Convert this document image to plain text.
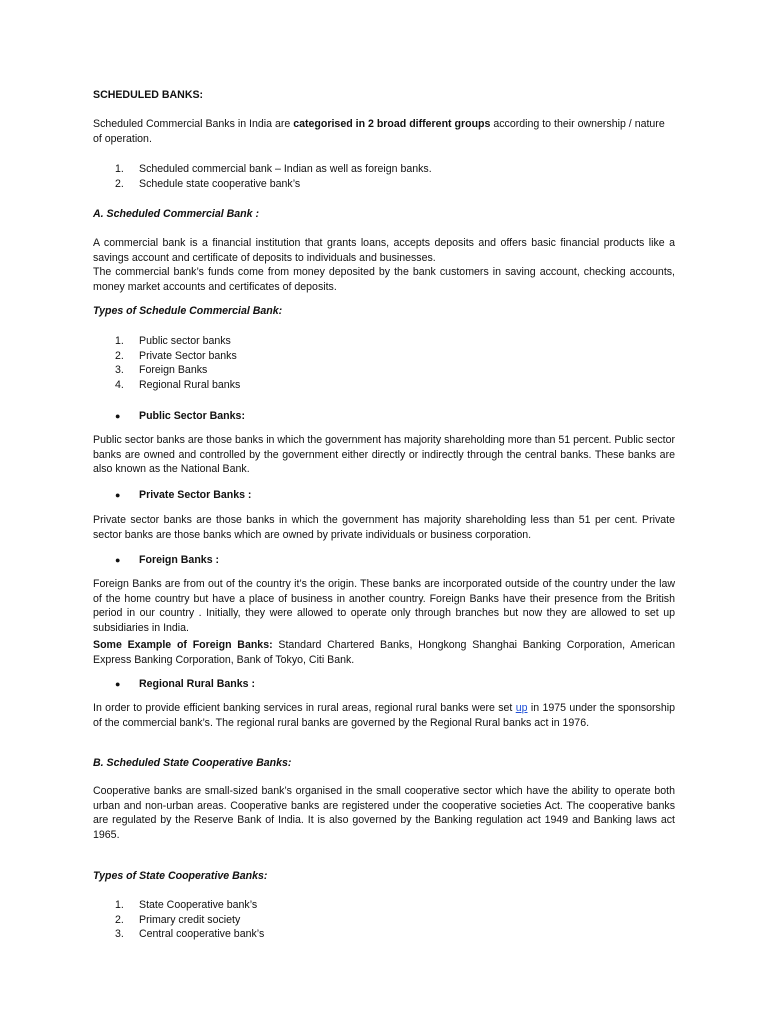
SCHEDULED BANKS:

Scheduled Commercial Banks in India are categorised in 2 broad different groups according to their ownership / nature of operation.

1. Scheduled commercial bank – Indian as well as foreign banks.
2. Schedule state cooperative bank’s

A. Scheduled Commercial Bank :

A commercial bank is a financial institution that grants loans, accepts deposits and offers basic financial products like a savings account and certificate of deposits to individuals and businesses.

The commercial bank’s funds come from money deposited by the bank customers in saving account, checking accounts, money market accounts and certificates of deposits.

Types of Schedule Commercial Bank:

1. Public sector banks
2. Private Sector banks
3. Foreign Banks
4. Regional Rural banks
● Public Sector Banks:

Public sector banks are those banks in which the government has majority shareholding more than 51 percent. Public sector banks are owned and controlled by the government either directly or indirectly through the central banks. These banks are also known as the National Bank.

● Private Sector Banks :

Private sector banks are those banks in which the government has majority shareholding less than 51 per cent. Private sector banks are those banks which are owned by private individuals or business corporation.

● Foreign Banks :

Foreign Banks are from out of the country it’s the origin. These banks are incorporated outside of the country under the law of the home country but have a place of business in another country. Foreign Banks have their presence from the British period in our country . Initially, they were allowed to operate only through branches but now they are allowed to set up subsidiaries in India.

Some Example of Foreign Banks: Standard Chartered Banks, Hongkong Shanghai Banking Corporation, American Express Banking Corporation, Bank of Tokyo, Citi Bank.

● Regional Rural Banks :

In order to provide efficient banking services in rural areas, regional rural banks were set up in 1975 under the sponsorship of the commercial bank’s. The regional rural banks are governed by the Regional Rural banks act in 1976.

B. Scheduled State Cooperative Banks:

Cooperative banks are small-sized bank’s organised in the small cooperative sector which have the ability to operate both urban and non-urban areas. Cooperative banks are registered under the cooperative societies Act. The cooperative banks are regulated by the Reserve Bank of India. It is also governed by the Banking regulation act 1949 and Banking laws act 1965.

Types of State Cooperative Banks:

1. State Cooperative bank’s
2. Primary credit society
3. Central cooperative bank’s
